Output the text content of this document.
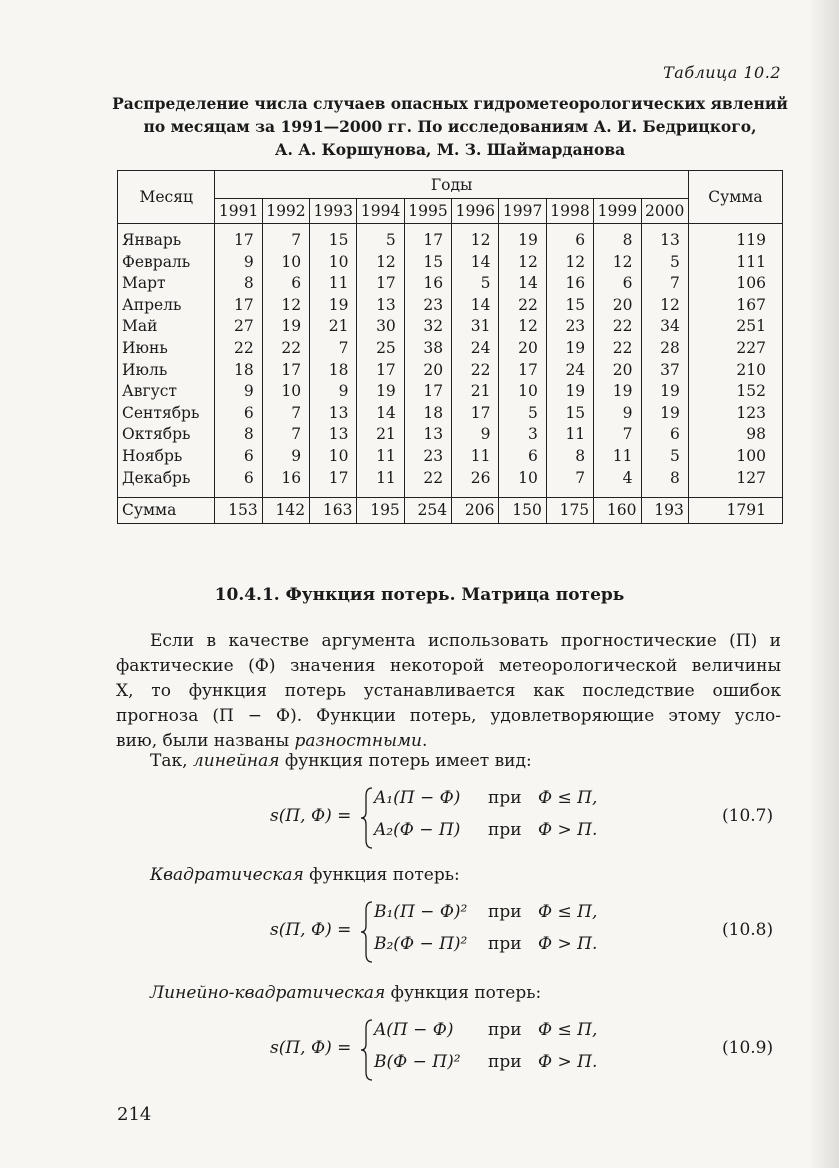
Таблица 10.2
Распределение числа случаев опасных гидрометеорологических явлений
по месяцам за 1991—2000 гг. По исследованиям А. И. Бедрицкого,
А. А. Коршунова, М. З. Шаймарданова
Месяц	Годы										Сумма
	1991	1992	1993	1994	1995	1996	1997	1998	1999	2000	
Январь	17	7	15	5	17	12	19	6	8	13	119
Февраль	9	10	10	12	15	14	12	12	12	5	111
Март	8	6	11	17	16	5	14	16	6	7	106
Апрель	17	12	19	13	23	14	22	15	20	12	167
Май	27	19	21	30	32	31	12	23	22	34	251
Июнь	22	22	7	25	38	24	20	19	22	28	227
Июль	18	17	18	17	20	22	17	24	20	37	210
Август	9	10	9	19	17	21	10	19	19	19	152
Сентябрь	6	7	13	14	18	17	5	15	9	19	123
Октябрь	8	7	13	21	13	9	3	11	7	6	98
Ноябрь	6	9	10	11	23	11	6	8	11	5	100
Декабрь	6	16	17	11	22	26	10	7	4	8	127

Сумма	153	142	163	195	254	206	150	175	160	193	1791
10.4.1. Функция потерь. Матрица потерь
Если в качестве аргумента использовать прогностические (П) и
фактические (Ф) значения некоторой метеорологической величины
X, то функция потерь устанавливается как последствие ошибок
прогноза (П − Ф). Функции потерь, удовлетворяющие этому усло-
вию, были названы разностными.
Так, линейная функция потерь имеет вид:
s(П, Ф) =
A₁(П − Ф) при Ф ≤ П,
A₂(Ф − П) при Ф > П.
(10.7)
Квадратическая функция потерь:
s(П, Ф) =
B₁(П − Ф)² при Ф ≤ П,
B₂(Ф − П)² при Ф > П.
(10.8)
Линейно-квадратическая функция потерь:
s(П, Ф) =
A(П − Ф) при Ф ≤ П,
B(Ф − П)² при Ф > П.
(10.9)
214
